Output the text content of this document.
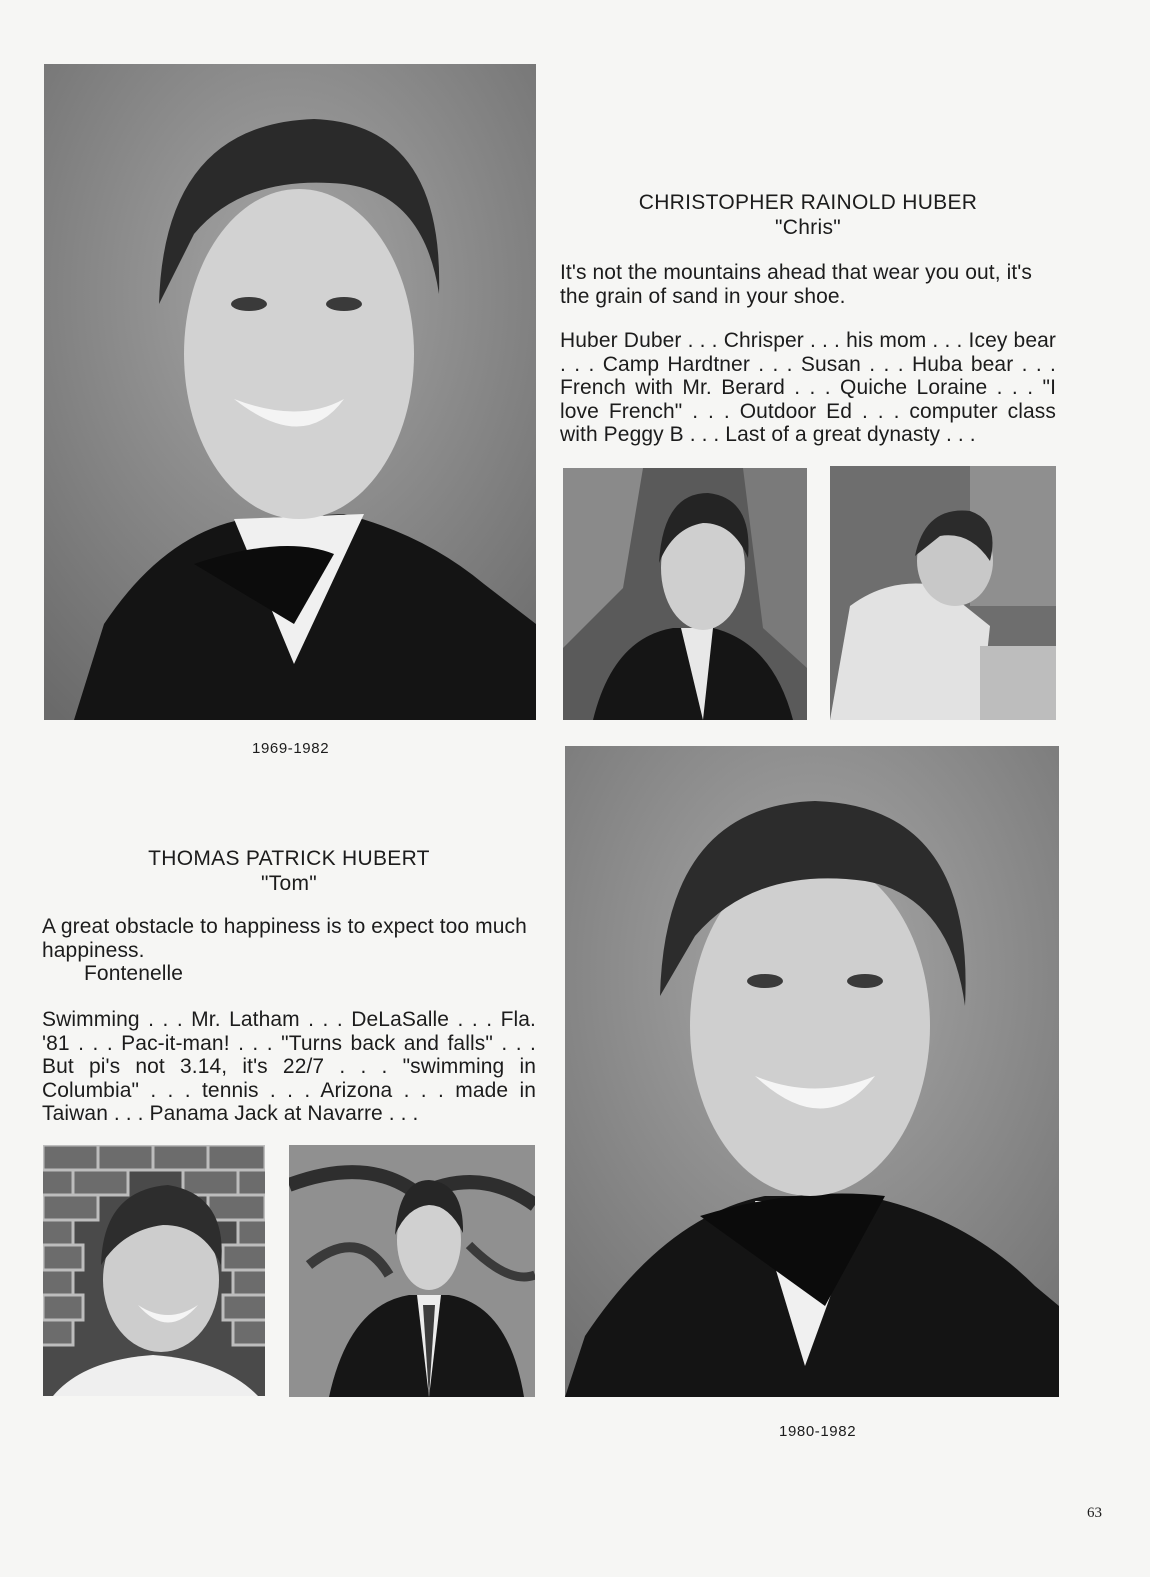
CHRISTOPHER RAINOLD HUBER
"Chris"

It's not the mountains ahead that wear you out, it's the grain of sand in your shoe.

Huber Duber . . . Chrisper . . . his mom . . . Icey bear . . . Camp Hardtner . . . Susan . . . Huba bear . . . French with Mr. Berard . . . Quiche Loraine . . . "I love French" . . . Outdoor Ed . . . computer class with Peggy B . . . Last of a great dynasty . . .

1969-1982
THOMAS PATRICK HUBERT
"Tom"

A great obstacle to happiness is to expect too much happiness.

Fontenelle

Swimming . . . Mr. Latham . . . DeLaSalle . . . Fla. '81 . . . Pac-it-man! . . . "Turns back and falls" . . . But pi's not 3.14, it's 22/7 . . . "swimming in Columbia" . . . tennis . . . Arizona . . . made in Taiwan . . . Panama Jack at Navarre . . .

1980-1982
63
